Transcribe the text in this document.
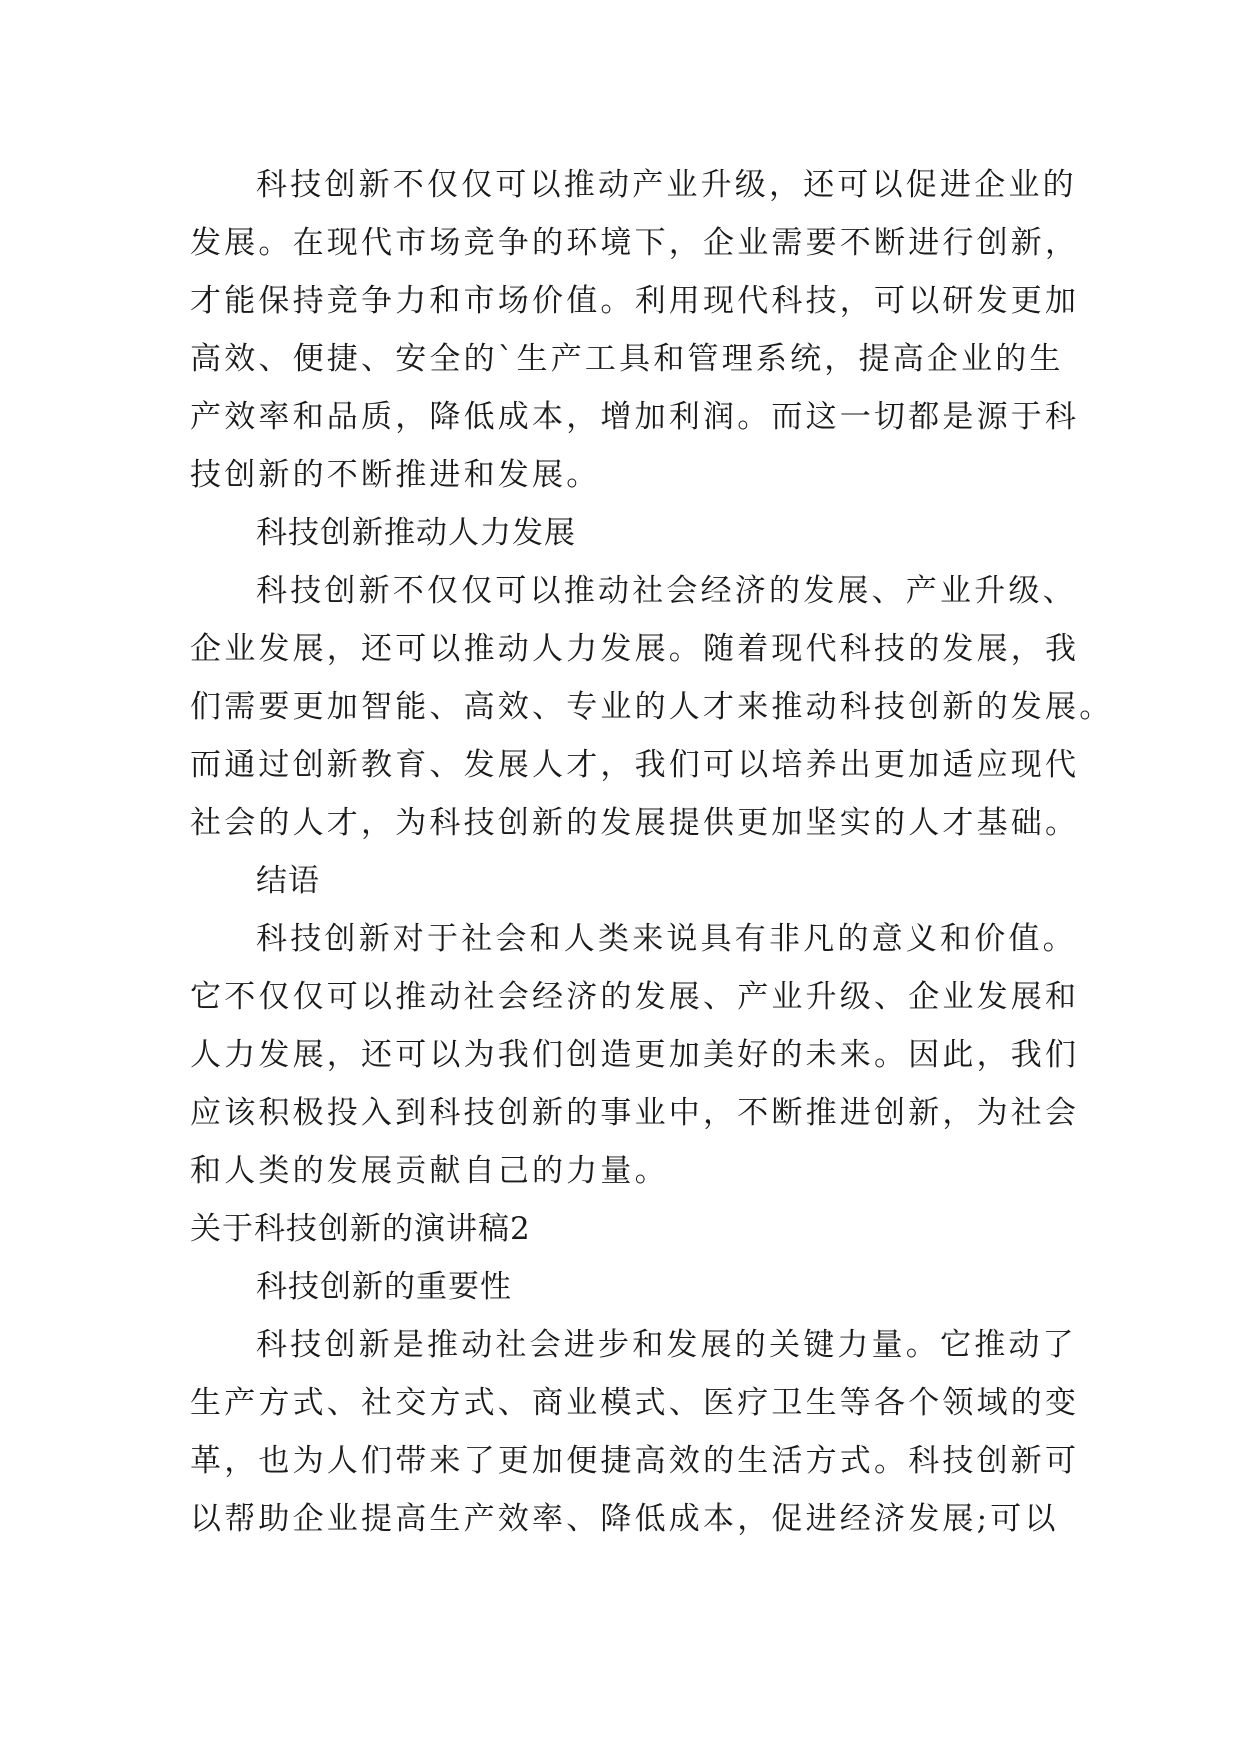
科技创新不仅仅可以推动产业升级，还可以促进企业的
发展。在现代市场竞争的环境下，企业需要不断进行创新，
才能保持竞争力和市场价值。利用现代科技，可以研发更加
高效、便捷、安全的`生产工具和管理系统，提高企业的生
产效率和品质，降低成本，增加利润。而这一切都是源于科
技创新的不断推进和发展。
科技创新推动人力发展
科技创新不仅仅可以推动社会经济的发展、产业升级、
企业发展，还可以推动人力发展。随着现代科技的发展，我
们需要更加智能、高效、专业的人才来推动科技创新的发展。
而通过创新教育、发展人才，我们可以培养出更加适应现代
社会的人才，为科技创新的发展提供更加坚实的人才基础。
结语
科技创新对于社会和人类来说具有非凡的意义和价值。
它不仅仅可以推动社会经济的发展、产业升级、企业发展和
人力发展，还可以为我们创造更加美好的未来。因此，我们
应该积极投入到科技创新的事业中，不断推进创新，为社会
和人类的发展贡献自己的力量。
关于科技创新的演讲稿2
科技创新的重要性
科技创新是推动社会进步和发展的关键力量。它推动了
生产方式、社交方式、商业模式、医疗卫生等各个领域的变
革，也为人们带来了更加便捷高效的生活方式。科技创新可
以帮助企业提高生产效率、降低成本，促进经济发展;可以
